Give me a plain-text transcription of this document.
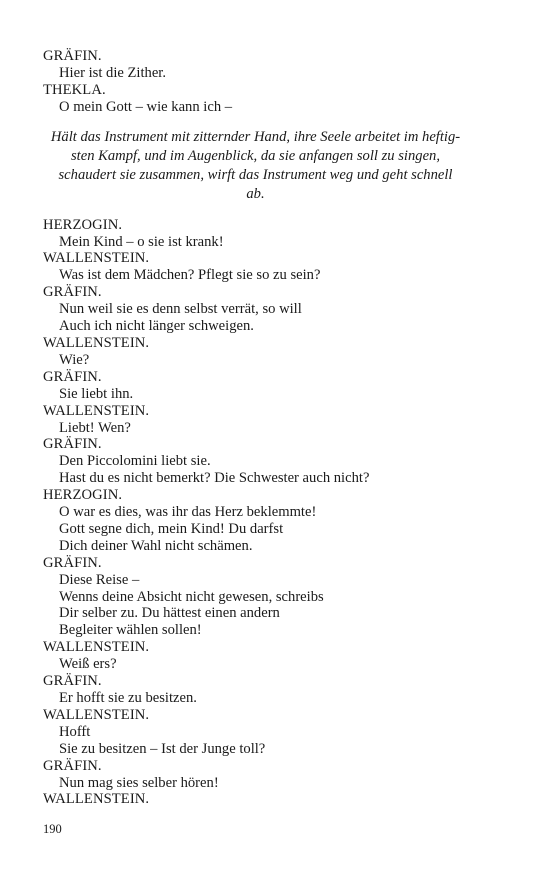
GRÄFIN.

Hier ist die Zither.

THEKLA.

O mein Gott – wie kann ich –

Hält das Instrument mit zitternder Hand, ihre Seele arbeitet im heftig-
sten Kampf, und im Augenblick, da sie anfangen soll zu singen,
schaudert sie zusammen, wirft das Instrument weg und geht schnell
ab.

HERZOGIN.

Mein Kind – o sie ist krank!

WALLENSTEIN.

Was ist dem Mädchen? Pflegt sie so zu sein?

GRÄFIN.

Nun weil sie es denn selbst verrät, so will

Auch ich nicht länger schweigen.

WALLENSTEIN.

Wie?

GRÄFIN.

Sie liebt ihn.

WALLENSTEIN.

Liebt! Wen?

GRÄFIN.

Den Piccolomini liebt sie.

Hast du es nicht bemerkt? Die Schwester auch nicht?

HERZOGIN.

O war es dies, was ihr das Herz beklemmte!

Gott segne dich, mein Kind! Du darfst

Dich deiner Wahl nicht schämen.

GRÄFIN.

Diese Reise –

Wenns deine Absicht nicht gewesen, schreibs

Dir selber zu. Du hättest einen andern

Begleiter wählen sollen!

WALLENSTEIN.

Weiß ers?

GRÄFIN.

Er hofft sie zu besitzen.

WALLENSTEIN.

Hofft

Sie zu besitzen – Ist der Junge toll?

GRÄFIN.

Nun mag sies selber hören!

WALLENSTEIN.

190
